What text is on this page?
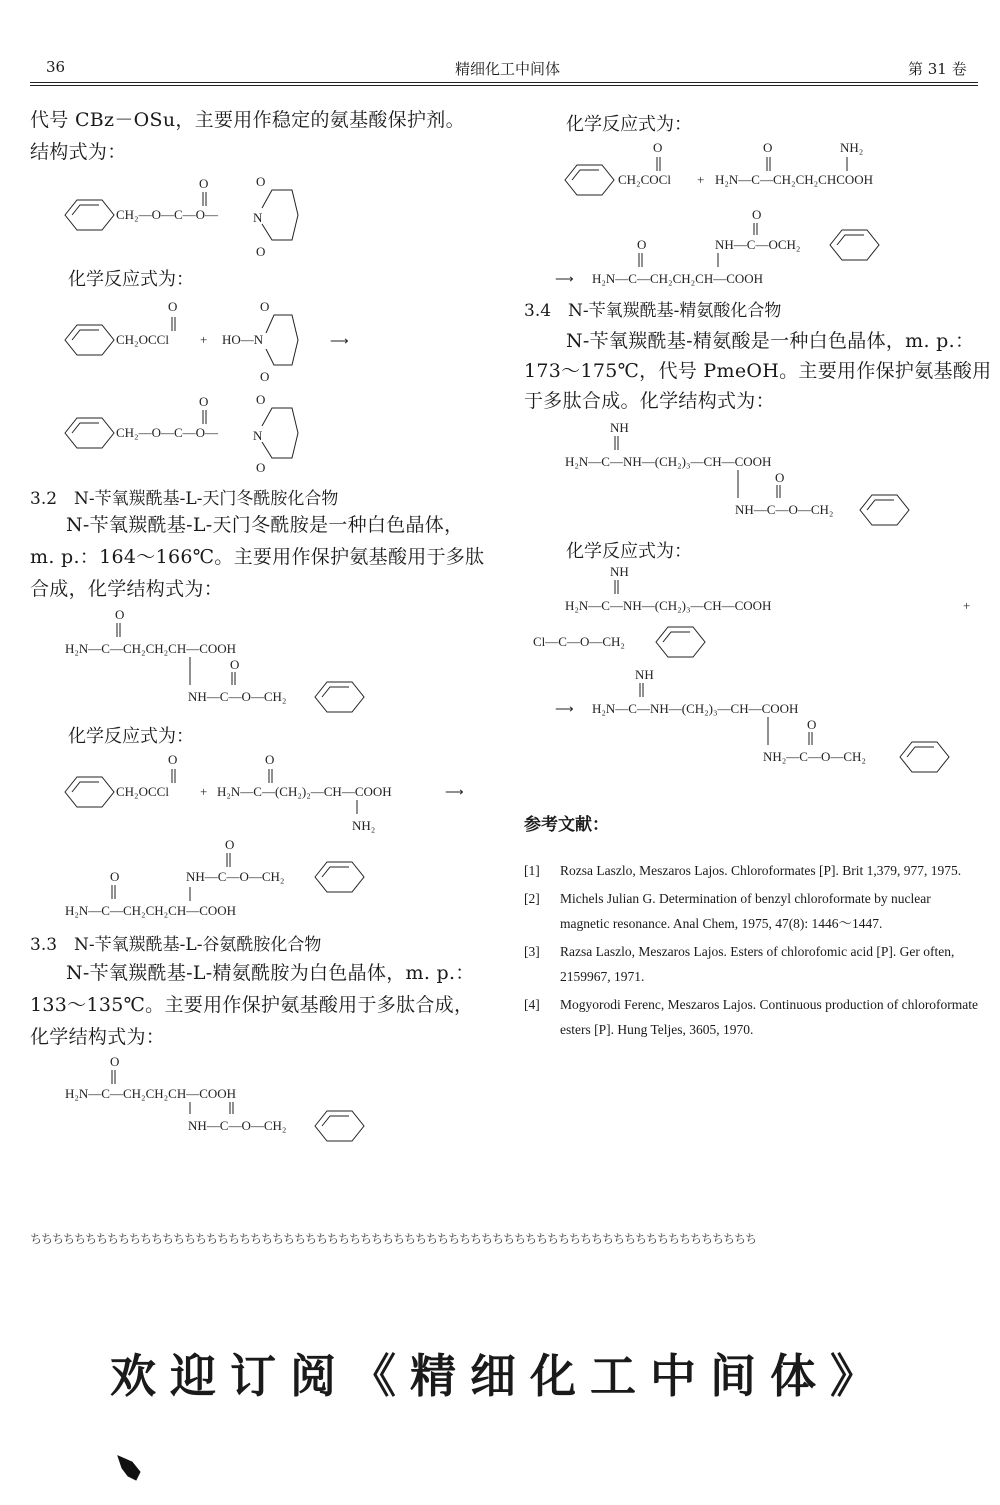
36	精细化工中间体	第 31 卷
代号 CBz－OSu，主要用作稳定的氨基酸保护剂。
结构式为：
CH₂—O—C—O—
O
N
O
O
化学反应式为：
CH₂OCCl
O
+ HO—N
O
O
⟶
CH₂—O—C—O—
O
N
O
O
3.2　N-苄氧羰酰基-L-天门冬酰胺化合物
N-苄氧羰酰基-L-天门冬酰胺是一种白色晶体，
m. p.：164～166℃。主要用作保护氨基酸用于多肽
合成，化学结构式为：
O
H₂N—C—CH₂CH₂CH—COOH
O
NH—C—O—CH₂
化学反应式为：
CH₂OCCl
O
+ H₂N—C—(CH₂)₂—CH—COOH
O
NH₂
⟶
O
NH—C—O—CH₂
O
H₂N—C—CH₂CH₂CH—COOH
3.3　N-苄氧羰酰基-L-谷氨酰胺化合物
N-苄氧羰酰基-L-精氨酰胺为白色晶体，m. p.：
133～135℃。主要用作保护氨基酸用于多肽合成，
化学结构式为：
O
H₂N—C—CH₂CH₂CH—COOH
NH—C—O—CH₂
化学反应式为：
CH₂COCl
O
+ H₂N—C—CH₂CH₂CHCOOH
O	NH₂
O
NH—C—OCH₂
O
⟶ H₂N—C—CH₂CH₂CH—COOH
3.4　N-苄氧羰酰基-精氨酸化合物
N-苄氧羰酰基-精氨酸是一种白色晶体，m. p.：
173～175℃，代号 PmeOH。主要用作保护氨基酸用
于多肽合成。化学结构式为：
NH
H₂N—C—NH—(CH₂)₃—CH—COOH
O
NH—C—O—CH₂
化学反应式为：
NH
H₂N—C—NH—(CH₂)₃—CH—COOH	+
Cl—C—O—CH₂
NH
⟶ H₂N—C—NH—(CH₂)₃—CH—COOH
O
NH₂—C—O—CH₂
参考文献：
[1]	Rozsa Laszlo, Meszaros Lajos. Chloroformates [P]. Brit 1,379, 977, 1975.
[2]	Michels Julian G. Determination of benzyl chloroformate by nuclear magnetic resonance. Anal Chem, 1975, 47(8): 1446～1447.
[3]	Razsa Laszlo, Meszaros Lajos. Esters of chlorofomic acid [P]. Ger often, 2159967, 1971.
[4]	Mogyorodi Ferenc, Meszaros Lajos. Continuous production of chloroformate esters [P]. Hung Teljes, 3605, 1970.
ちちちちちちちちちちちちちちちちちちちちちちちちちちちちちちちちちちちちちちちちちちちちちちちちちちちちちちちちちちちちちちちちちち
欢迎订阅《精细化工中间体》
